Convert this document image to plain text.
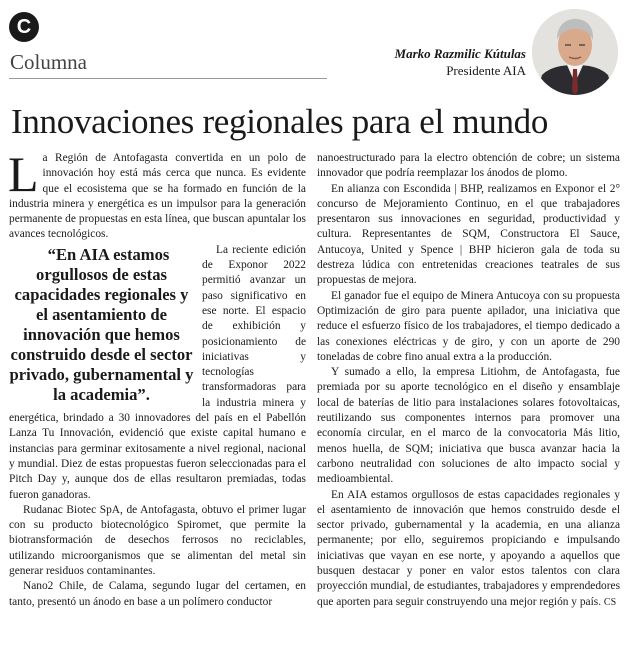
C
Columna	Marko Razmilic Kútulas
Presidente AIA
Innovaciones regionales para el mundo

La Región de Antofagasta convertida en un polo de innovación hoy está más cerca que nunca. Es evidente que el ecosistema que se ha formado en función de la industria minera y energética es un impulsor para la generación permanente de propuestas en esta línea, que buscan apuntalar los avances tecnológicos.

“En AIA estamos orgullosos de estas capacidades regionales y el asentamiento de innovación que hemos construido desde el sector privado, gubernamental y la academia”.
La reciente edición de Exponor 2022 permitió avanzar un paso significativo en ese norte. El espacio de exhibición y posicionamiento de iniciativas y tecnologías transformadoras para la industria minera y energética, brindado a 30 innovadores del país en el Pabellón Lanza Tu Innovación, evidenció que existe capital humano e instancias para germinar exitosamente a nivel regional, nacional y mundial. Diez de estas propuestas fueron seleccionadas para el Pitch Day y, aunque dos de ellas resultaron premiadas, todas fueron ganadoras.

Rudanac Biotec SpA, de Antofagasta, obtuvo el primer lugar con su producto biotecnológico Spiromet, que permite la biotransformación de desechos ferrosos no reciclables, utilizando microorganismos que se alimentan del metal sin generar residuos contaminantes.

Nano2 Chile, de Calama, segundo lugar del certamen, en tanto, presentó un ánodo en base a un polímero conductor

nanoestructurado para la electro obtención de cobre; un sistema innovador que podría reemplazar los ánodos de plomo.

En alianza con Escondida | BHP, realizamos en Exponor el 2° concurso de Mejoramiento Continuo, en el que trabajadores presentaron sus innovaciones en seguridad, productividad y cultura. Representantes de SQM, Constructora El Sauce, Antucoya, United y Spence | BHP hicieron gala de toda su destreza lúdica con entretenidas creaciones teatrales de sus propuestas de mejora.

El ganador fue el equipo de Minera Antucoya con su propuesta Optimización de giro para puente apilador, una iniciativa que reduce el esfuerzo físico de los trabajadores, el tiempo dedicado a las conexiones eléctricas y de giro, y con un aporte de 290 toneladas de cobre fino anual extra a la producción.

Y sumado a ello, la empresa Litiohm, de Antofagasta, fue premiada por su aporte tecnológico en el diseño y ensamblaje local de baterías de litio para instalaciones solares fotovoltaicas, reutilizando sus componentes internos para promover una economía circular, en el marco de la convocatoria Más litio, menos huella, de SQM; iniciativa que busca avanzar hacia la carbono neutralidad con soluciones de alto impacto social y medioambiental.

En AIA estamos orgullosos de estas capacidades regionales y el asentamiento de innovación que hemos construido desde el sector privado, gubernamental y la academia, en una alianza permanente; por ello, seguiremos propiciando e impulsando iniciativas que vayan en ese norte, y apoyando a aquellos que busquen destacar y poner en valor estos talentos con clara proyección mundial, de estudiantes, trabajadores y emprendedores que aporten para seguir construyendo una mejor región y país. CS
